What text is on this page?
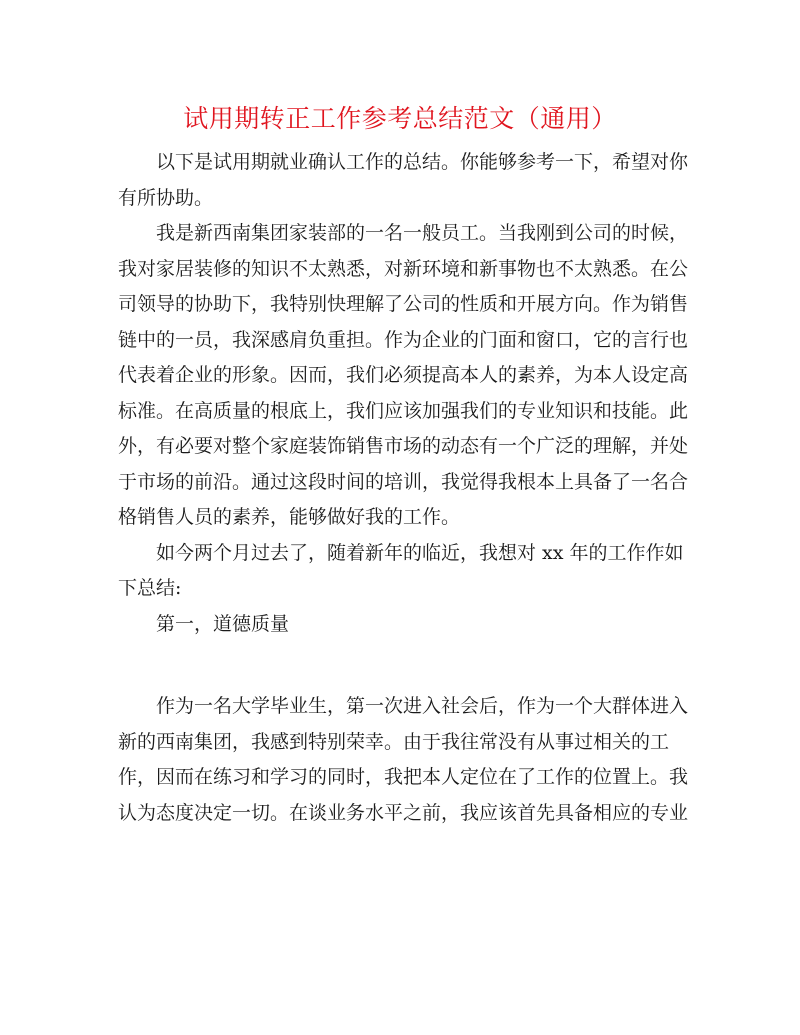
试用期转正工作参考总结范文（通用）

以下是试用期就业确认工作的总结。你能够参考一下，希望对你
有所协助。

我是新西南集团家装部的一名一般员工。当我刚到公司的时候，
我对家居装修的知识不太熟悉，对新环境和新事物也不太熟悉。在公
司领导的协助下，我特别快理解了公司的性质和开展方向。作为销售
链中的一员，我深感肩负重担。作为企业的门面和窗口，它的言行也
代表着企业的形象。因而，我们必须提高本人的素养，为本人设定高
标准。在高质量的根底上，我们应该加强我们的专业知识和技能。此
外，有必要对整个家庭装饰销售市场的动态有一个广泛的理解，并处
于市场的前沿。通过这段时间的培训，我觉得我根本上具备了一名合
格销售人员的素养，能够做好我的工作。

如今两个月过去了，随着新年的临近，我想对 xx 年的工作作如
下总结:

第一，道德质量

作为一名大学毕业生，第一次进入社会后，作为一个大群体进入
新的西南集团，我感到特别荣幸。由于我往常没有从事过相关的工
作，因而在练习和学习的同时，我把本人定位在了工作的位置上。我
认为态度决定一切。在谈业务水平之前，我应该首先具备相应的专业
